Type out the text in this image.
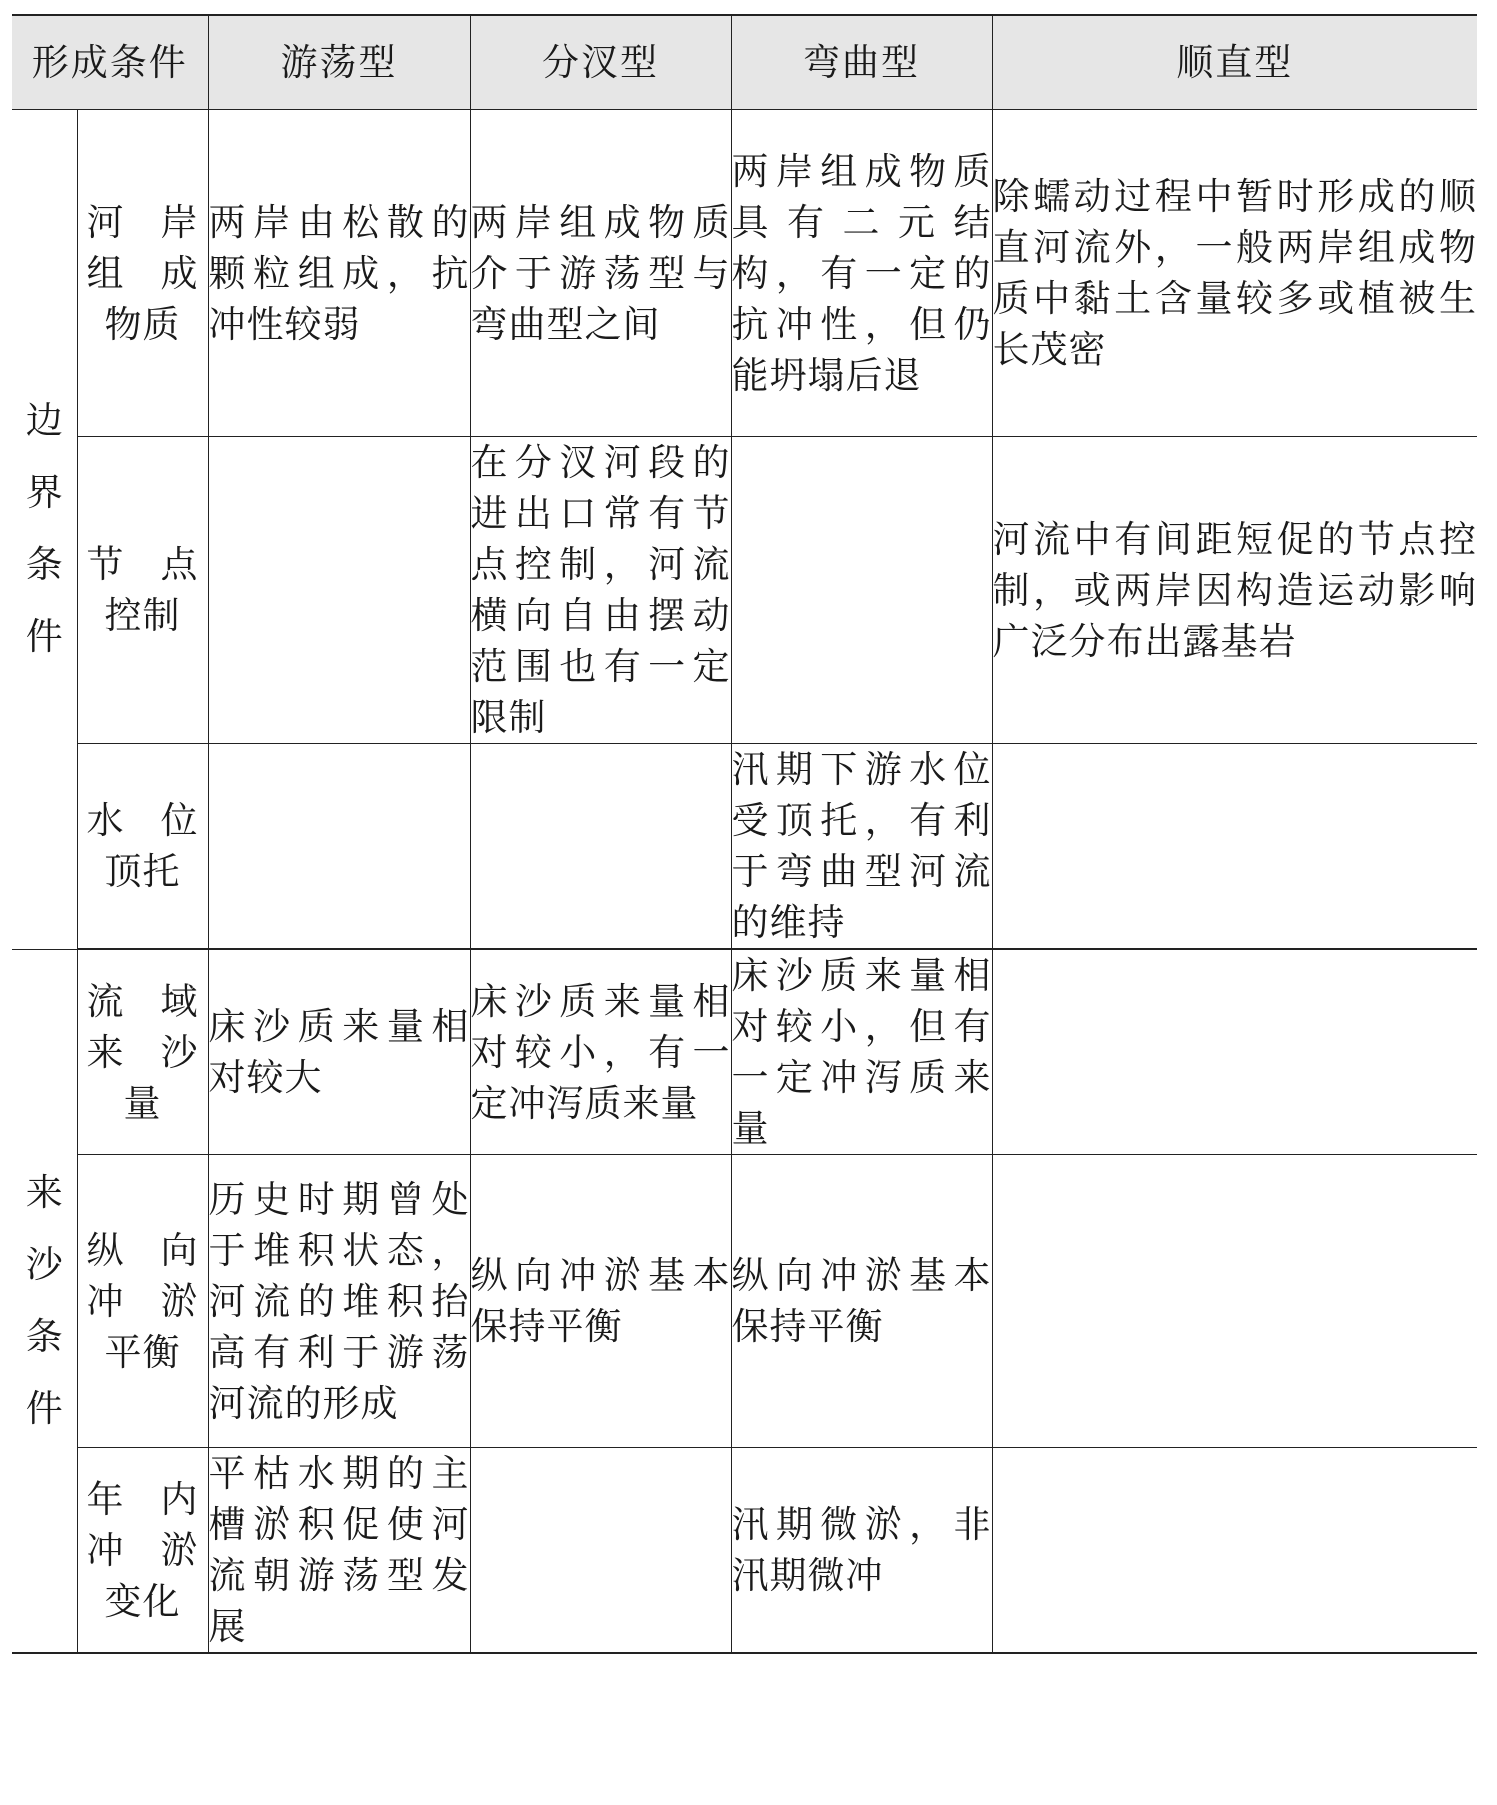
形成条件		游荡型	分汊型	弯曲型	顺直型

边
界
条
件	河岸组成物质	两岸由松散的颗粒组成，抗冲性较弱	两岸组成物质介于游荡型与弯曲型之间	两岸组成物质具有二元结构，有一定的抗冲性，但仍能坍塌后退	除蠕动过程中暂时形成的顺直河流外，一般两岸组成物质中黏土含量较多或植被生长茂密
	节点控制		在分汊河段的进出口常有节点控制，河流横向自由摆动范围也有一定限制		河流中有间距短促的节点控制，或两岸因构造运动影响广泛分布出露基岩
	水位顶托			汛期下游水位受顶托，有利于弯曲型河流的维持	

来
沙
条
件	流域来沙量	床沙质来量相对较大	床沙质来量相对较小，有一定冲泻质来量	床沙质来量相对较小，但有一定冲泻质来量	
	纵向冲淤平衡	历史时期曾处于堆积状态，河流的堆积抬高有利于游荡河流的形成	纵向冲淤基本保持平衡	纵向冲淤基本保持平衡	
	年内冲淤变化	平枯水期的主槽淤积促使河流朝游荡型发展		汛期微淤，非汛期微冲	
